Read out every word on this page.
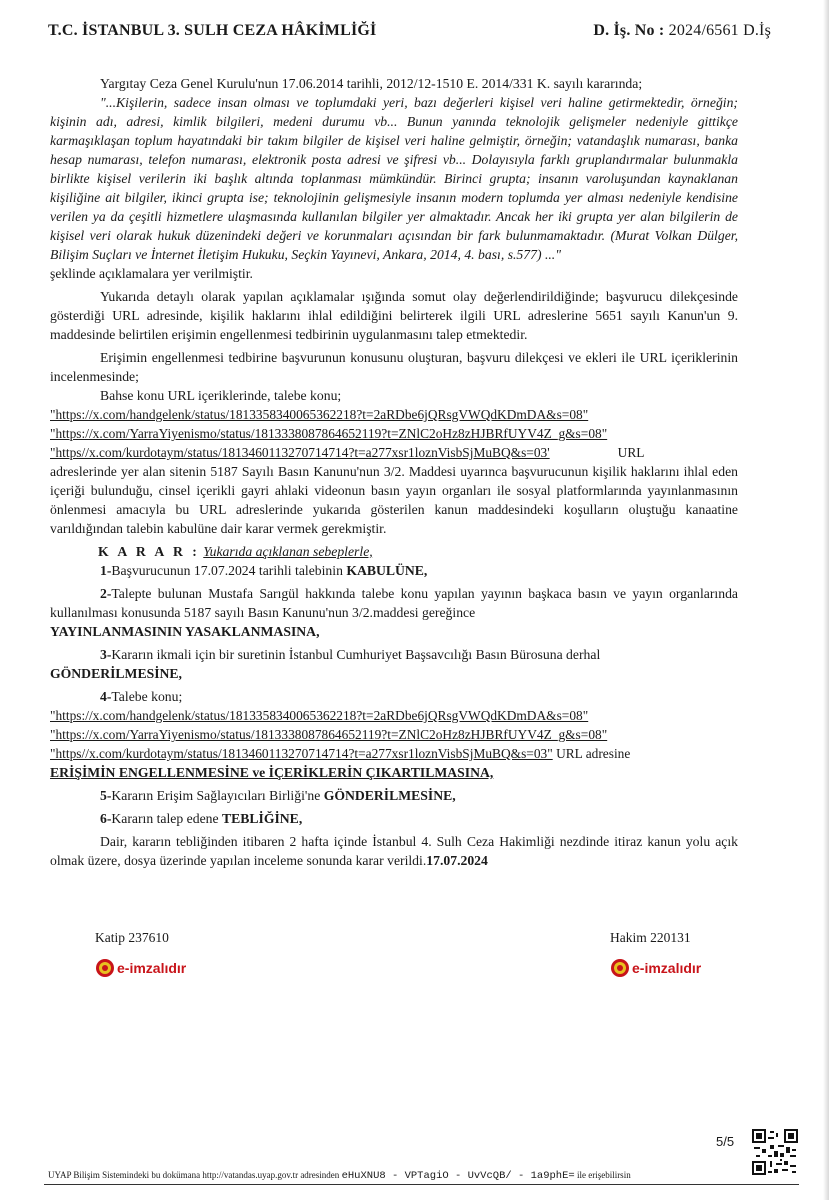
T.C. İSTANBUL 3. SULH CEZA HÂKİMLİĞİ	D. İş. No : 2024/6561 D.İş

Yargıtay Ceza Genel Kurulu'nun 17.06.2014 tarihli, 2012/12-1510 E. 2014/331 K. sayılı kararında;

"...Kişilerin, sadece insan olması ve toplumdaki yeri, bazı değerleri kişisel veri haline getirmektedir, örneğin; kişinin adı, adresi, kimlik bilgileri, medeni durumu vb... Bunun yanında teknolojik gelişmeler nedeniyle gittikçe karmaşıklaşan toplum hayatındaki bir takım bilgiler de kişisel veri haline gelmiştir, örneğin; vatandaşlık numarası, banka hesap numarası, telefon numarası, elektronik posta adresi ve şifresi vb... Dolayısıyla farklı gruplandırmalar bulunmakla birlikte kişisel verilerin iki başlık altında toplanması mümkündür. Birinci grupta; insanın varoluşundan kaynaklanan kişiliğine ait bilgiler, ikinci grupta ise; teknolojinin gelişmesiyle insanın modern toplumda yer alması nedeniyle kendisine verilen ya da çeşitli hizmetlere ulaşmasında kullanılan bilgiler yer almaktadır. Ancak her iki grupta yer alan bilgilerin de kişisel veri olarak hukuk düzenindeki değeri ve korunmaları açısından bir fark bulunmamaktadır. (Murat Volkan Dülger, Bilişim Suçları ve İnternet İletişim Hukuku, Seçkin Yayınevi, Ankara, 2014, 4. bası, s.577) ..."

şeklinde açıklamalara yer verilmiştir.

Yukarıda detaylı olarak yapılan açıklamalar ışığında somut olay değerlendirildiğinde; başvurucu dilekçesinde gösterdiği URL adresinde, kişilik haklarını ihlal edildiğini belirterek ilgili URL adreslerine 5651 sayılı Kanun'un 9. maddesinde belirtilen erişimin engellenmesi tedbirinin uygulanmasını talep etmektedir.

Erişimin engellenmesi tedbirine başvurunun konusunu oluşturan, başvuru dilekçesi ve ekleri ile URL içeriklerinin incelenmesinde;

Bahse konu URL içeriklerinde, talebe konu;

"https://x.com/handgelenk/status/1813358340065362218?t=2aRDbe6jQRsgVWQdKDmDA&s=08"
"https://x.com/YarraYiyenismo/status/1813338087864652119?t=ZNlC2oHz8zHJBRfUYV4Z_g&s=08"
"https//x.com/kurdotaym/status/1813460113270714714?t=a277xsr1loznVisbSjMuBQ&s=03'	URL

adreslerinde yer alan sitenin 5187 Sayılı Basın Kanunu'nun 3/2. Maddesi uyarınca başvurucunun kişilik haklarını ihlal eden içeriği bulunduğu, cinsel içerikli gayri ahlaki videonun basın yayın organları ile sosyal platformlarında yayınlanmasının önlenmesi amacıyla bu URL adreslerinde yukarıda gösterilen kanun maddesindeki koşulların oluştuğu kanaatine varıldığından talebin kabulüne dair karar vermek gerekmiştir.

K A R A R : Yukarıda açıklanan sebeplerle,

1-Başvurucunun 17.07.2024 tarihli talebinin KABULÜNE,

2-Talepte bulunan Mustafa Sarıgül hakkında talebe konu yapılan yayının başkaca basın ve yayın organlarında kullanılması konusunda 5187 sayılı Basın Kanunu'nun 3/2.maddesi gereğince
YAYINLANMASININ YASAKLANMASINA,

3-Kararın ikmali için bir suretinin İstanbul Cumhuriyet Başsavcılığı Basın Bürosuna derhal
GÖNDERİLMESİNE,

4-Talebe konu;

"https://x.com/handgelenk/status/1813358340065362218?t=2aRDbe6jQRsgVWQdKDmDA&s=08"
"https://x.com/YarraYiyenismo/status/1813338087864652119?t=ZNlC2oHz8zHJBRfUYV4Z_g&s=08"
"https//x.com/kurdotaym/status/1813460113270714714?t=a277xsr1loznVisbSjMuBQ&s=03" URL adresine

ERİŞİMİN ENGELLENMESİNE ve İÇERİKLERİN ÇIKARTILMASINA,

5-Kararın Erişim Sağlayıcıları Birliği'ne GÖNDERİLMESİNE,

6-Kararın talep edene TEBLİĞİNE,

Dair, kararın tebliğinden itibaren 2 hafta içinde İstanbul 4. Sulh Ceza Hakimliği nezdinde itiraz kanun yolu açık olmak üzere, dosya üzerinde yapılan inceleme sonunda karar verildi.17.07.2024

Katip 237610
e-imzalıdır
Hakim 220131
e-imzalıdır
5/5
UYAP Bilişim Sistemindeki bu dokümana http://vatandas.uyap.gov.tr adresinden eHuXNU8 - VPTagiO - UvVcQB/ - 1a9phE= ile erişebilirsin
